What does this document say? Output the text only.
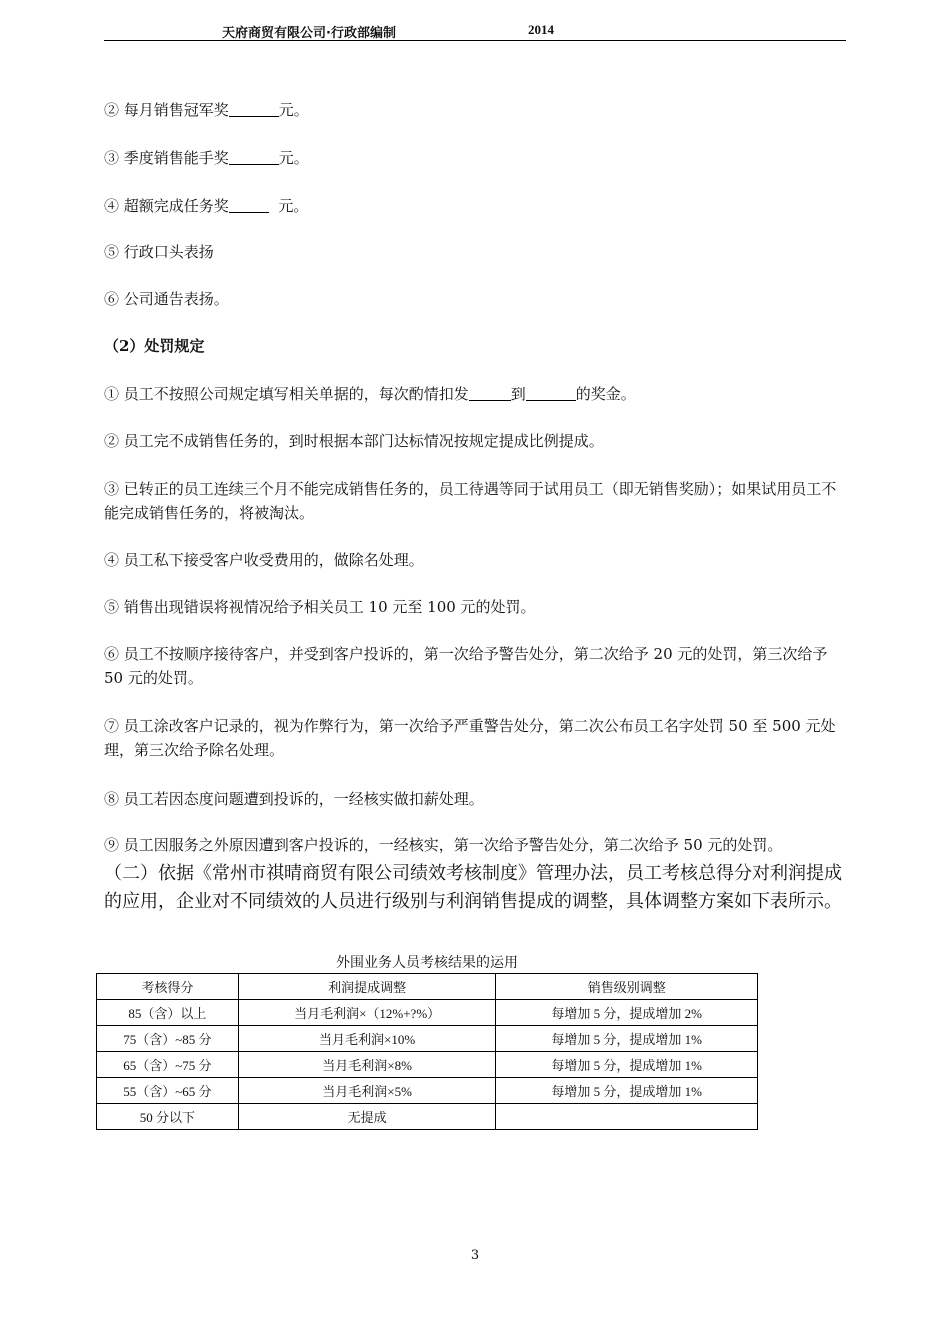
天府商贸有限公司·行政部编制	2014
② 每月销售冠军奖	元。
③ 季度销售能手奖	元。
④ 超额完成任务奖	元。
⑤ 行政口头表扬
⑥ 公司通告表扬。
（2）处罚规定
① 员工不按照公司规定填写相关单据的，每次酌情扣发	到	的奖金。
② 员工完不成销售任务的，到时根据本部门达标情况按规定提成比例提成。
③ 已转正的员工连续三个月不能完成销售任务的，员工待遇等同于试用员工（即无销售奖励）；如果试用员工不能完成销售任务的，将被淘汰。
④ 员工私下接受客户收受费用的，做除名处理。
⑤ 销售出现错误将视情况给予相关员工 10 元至 100 元的处罚。
⑥ 员工不按顺序接待客户，并受到客户投诉的，第一次给予警告处分，第二次给予 20 元的处罚，第三次给予 50 元的处罚。
⑦ 员工涂改客户记录的，视为作弊行为，第一次给予严重警告处分，第二次公布员工名字处罚 50 至 500 元处理，第三次给予除名处理。
⑧ 员工若因态度问题遭到投诉的，一经核实做扣薪处理。
⑨ 员工因服务之外原因遭到客户投诉的，一经核实，第一次给予警告处分，第二次给予 50 元的处罚。
（二）依据《常州市祺晴商贸有限公司绩效考核制度》管理办法，员工考核总得分对利润提成的应用，企业对不同绩效的人员进行级别与利润销售提成的调整，具体调整方案如下表所示。
外围业务人员考核结果的运用
考核得分	利润提成调整	销售级别调整
85（含）以上	当月毛利润×（12%+?%）	每增加 5 分，提成增加 2%
75（含）~85 分	当月毛利润×10%	每增加 5 分，提成增加 1%
65（含）~75 分	当月毛利润×8%	每增加 5 分，提成增加 1%
55（含）~65 分	当月毛利润×5%	每增加 5 分，提成增加 1%
50 分以下	无提成	
3
